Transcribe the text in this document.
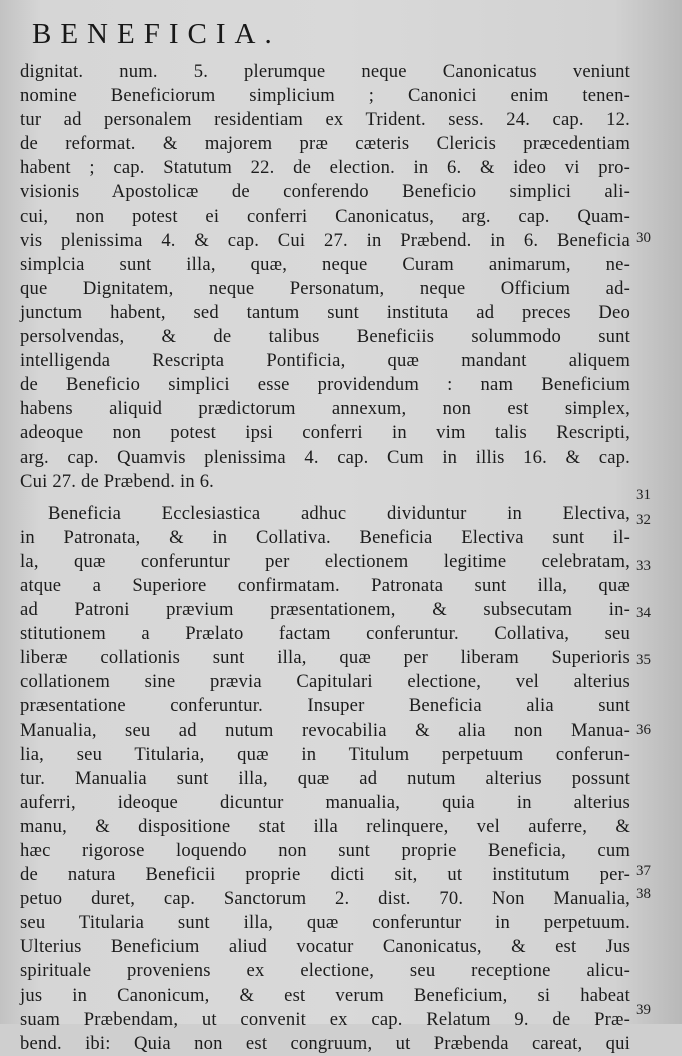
BENEFICIA.
dignitat. num. 5. plerumque neque Canonicatus veniunt
nomine Beneficiorum simplicium ; Canonici enim tenen-
tur ad personalem residentiam ex Trident. sess. 24. cap. 12.
de reformat. & majorem præ cæteris Clericis præcedentiam
habent ; cap. Statutum 22. de election. in 6. & ideo vi pro-
visionis Apostolicæ de conferendo Beneficio simplici ali-
cui, non potest ei conferri Canonicatus, arg. cap. Quam-
vis plenissima 4. & cap. Cui 27. in Præbend. in 6. Beneficia
simplcia sunt illa, quæ, neque Curam animarum, ne-
que Dignitatem, neque Personatum, neque Officium ad-
junctum habent, sed tantum sunt instituta ad preces Deo
persolvendas, & de talibus Beneficiis solummodo sunt
intelligenda Rescripta Pontificia, quæ mandant aliquem
de Beneficio simplici esse providendum : nam Beneficium
habens aliquid prædictorum annexum, non est simplex,
adeoque non potest ipsi conferri in vim talis Rescripti,
arg. cap. Quamvis plenissima 4. cap. Cum in illis 16. & cap.
Cui 27. de Præbend. in 6.
Beneficia Ecclesiastica adhuc dividuntur in Electiva,
in Patronata, & in Collativa. Beneficia Electiva sunt il-
la, quæ conferuntur per electionem legitime celebratam,
atque a Superiore confirmatam. Patronata sunt illa, quæ
ad Patroni prævium præsentationem, & subsecutam in-
stitutionem a Prælato factam conferuntur. Collativa, seu
liberæ collationis sunt illa, quæ per liberam Superioris
collationem sine prævia Capitulari electione, vel alterius
præsentatione conferuntur. Insuper Beneficia alia sunt
Manualia, seu ad nutum revocabilia & alia non Manua-
lia, seu Titularia, quæ in Titulum perpetuum conferun-
tur. Manualia sunt illa, quæ ad nutum alterius possunt
auferri, ideoque dicuntur manualia, quia in alterius
manu, & dispositione stat illa relinquere, vel auferre, &
hæc rigorose loquendo non sunt proprie Beneficia, cum
de natura Beneficii proprie dicti sit, ut institutum per-
petuo duret, cap. Sanctorum 2. dist. 70. Non Manualia,
seu Titularia sunt illa, quæ conferuntur in perpetuum.
Ulterius Beneficium aliud vocatur Canonicatus, & est Jus
spirituale proveniens ex electione, seu receptione alicu-
jus in Canonicum, & est verum Beneficium, si habeat
suam Præbendam, ut convenit ex cap. Relatum 9. de Præ-
bend. ibi: Quia non est congruum, ut Præbenda careat, qui
30
31
32
33
34
35
36
37
38
39
